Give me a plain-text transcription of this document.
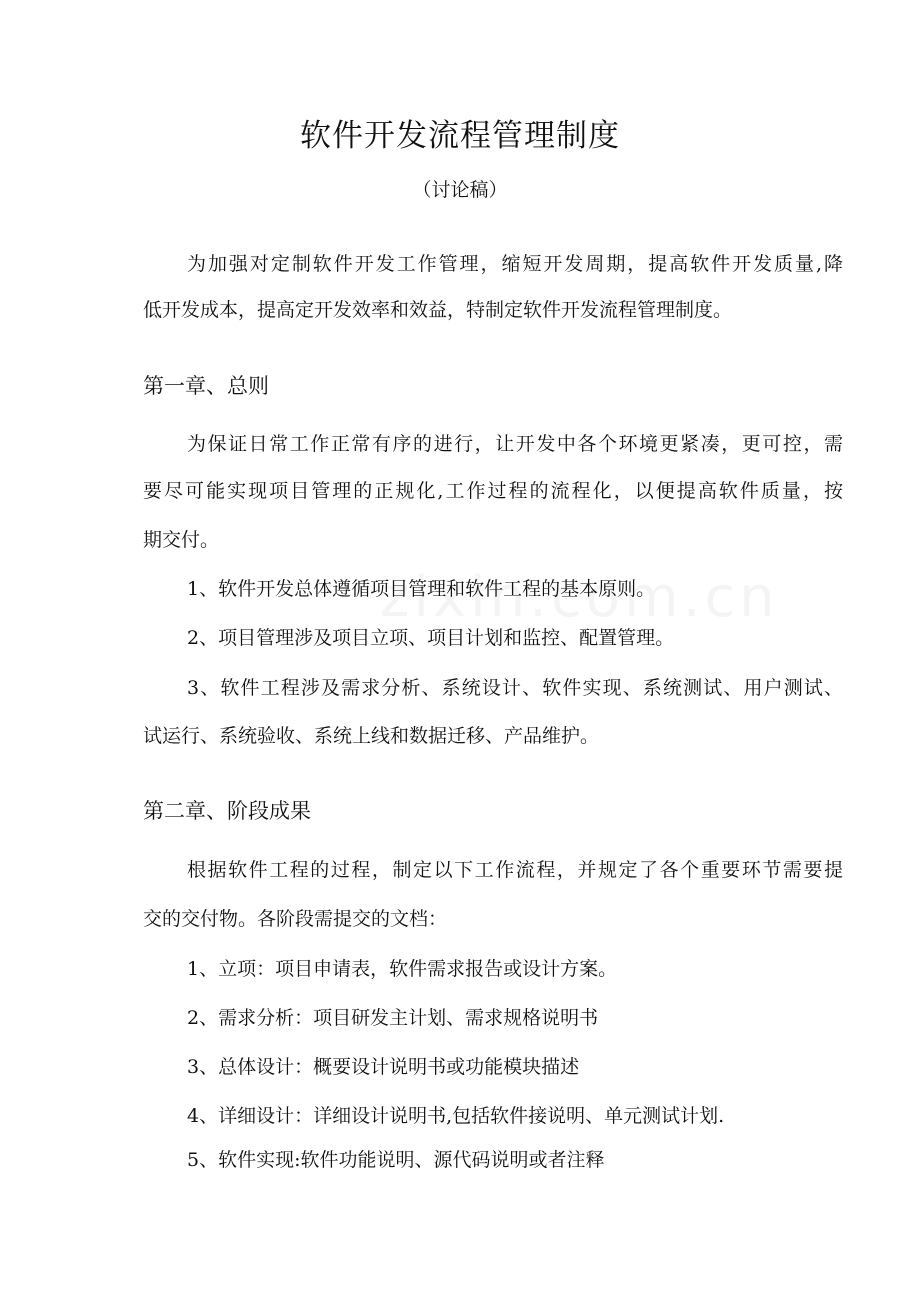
软件开发流程管理制度
（讨论稿）
为加强对定制软件开发工作管理，缩短开发周期，提高软件开发质量,降
低开发成本，提高定开发效率和效益，特制定软件开发流程管理制度。
第一章、总则
为保证日常工作正常有序的进行，让开发中各个环境更紧凑，更可控，需
要尽可能实现项目管理的正规化,工作过程的流程化，以便提高软件质量，按
期交付。
1、软件开发总体遵循项目管理和软件工程的基本原则。
2、项目管理涉及项目立项、项目计划和监控、配置管理。
3、软件工程涉及需求分析、系统设计、软件实现、系统测试、用户测试、
试运行、系统验收、系统上线和数据迁移、产品维护。
第二章、阶段成果
根据软件工程的过程，制定以下工作流程，并规定了各个重要环节需要提
交的交付物。各阶段需提交的文档：
1、立项：项目申请表，软件需求报告或设计方案。
2、需求分析：项目研发主计划、需求规格说明书
3、总体设计：概要设计说明书或功能模块描述
4、详细设计：详细设计说明书,包括软件接说明、单元测试计划.
5、软件实现:软件功能说明、源代码说明或者注释
